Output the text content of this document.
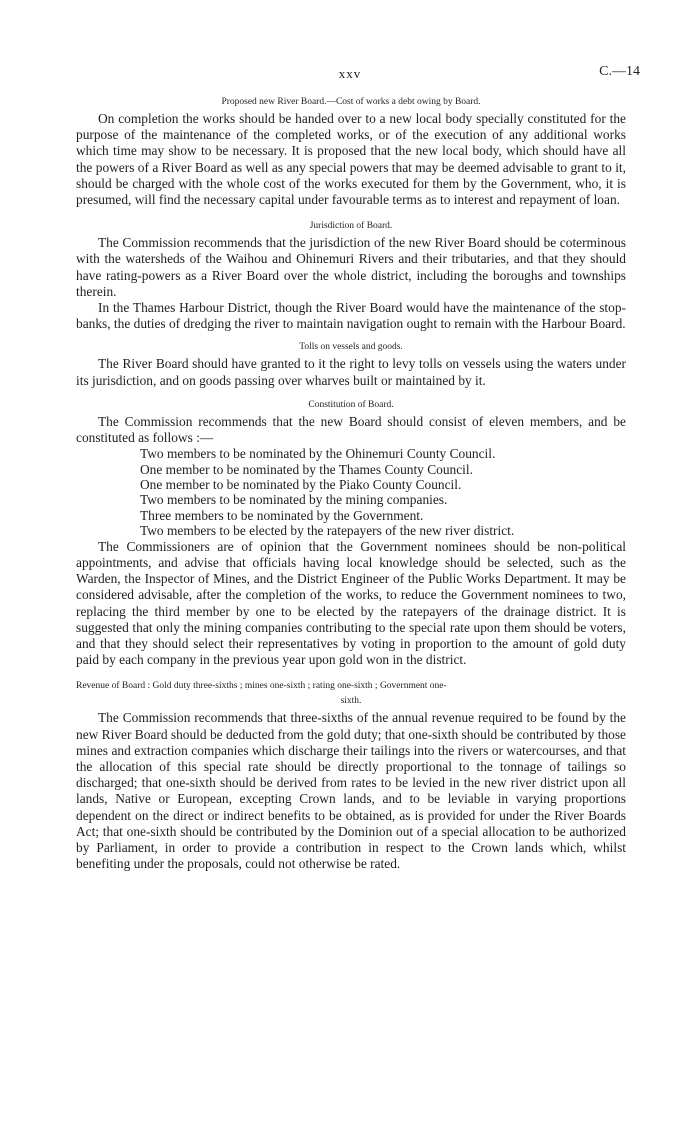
xxv	C.—14
Proposed new River Board.—Cost of works a debt owing by Board.

On completion the works should be handed over to a new local body specially constituted for the purpose of the maintenance of the completed works, or of the execution of any additional works which time may show to be necessary. It is proposed that the new local body, which should have all the powers of a River Board as well as any special powers that may be deemed advisable to grant to it, should be charged with the whole cost of the works executed for them by the Government, who, it is presumed, will find the necessary capital under favourable terms as to interest and repayment of loan.

Jurisdiction of Board.

The Commission recommends that the jurisdiction of the new River Board should be coterminous with the watersheds of the Waihou and Ohinemuri Rivers and their tributaries, and that they should have rating-powers as a River Board over the whole district, including the boroughs and townships therein.

In the Thames Harbour District, though the River Board would have the maintenance of the stop-banks, the duties of dredging the river to maintain navigation ought to remain with the Harbour Board.

Tolls on vessels and goods.

The River Board should have granted to it the right to levy tolls on vessels using the waters under its jurisdiction, and on goods passing over wharves built or maintained by it.

Constitution of Board.

The Commission recommends that the new Board should consist of eleven members, and be constituted as follows :—

Two members to be nominated by the Ohinemuri County Council.
One member to be nominated by the Thames County Council.
One member to be nominated by the Piako County Council.
Two members to be nominated by the mining companies.
Three members to be nominated by the Government.
Two members to be elected by the ratepayers of the new river district.

The Commissioners are of opinion that the Government nominees should be non-political appointments, and advise that officials having local knowledge should be selected, such as the Warden, the Inspector of Mines, and the District Engineer of the Public Works Department. It may be considered advisable, after the completion of the works, to reduce the Government nominees to two, replacing the third member by one to be elected by the ratepayers of the drainage district. It is suggested that only the mining companies contributing to the special rate upon them should be voters, and that they should select their representatives by voting in proportion to the amount of gold duty paid by each company in the previous year upon gold won in the district.

Revenue of Board : Gold duty three-sixths ; mines one-sixth ; rating one-sixth ; Government one-
sixth.

The Commission recommends that three-sixths of the annual revenue required to be found by the new River Board should be deducted from the gold duty; that one-sixth should be contributed by those mines and extraction companies which discharge their tailings into the rivers or watercourses, and that the allocation of this special rate should be directly proportional to the tonnage of tailings so discharged; that one-sixth should be derived from rates to be levied in the new river district upon all lands, Native or European, excepting Crown lands, and to be leviable in varying proportions dependent on the direct or indirect benefits to be obtained, as is provided for under the River Boards Act; that one-sixth should be contributed by the Dominion out of a special allocation to be authorized by Parliament, in order to provide a contribution in respect to the Crown lands which, whilst benefiting under the proposals, could not otherwise be rated.
